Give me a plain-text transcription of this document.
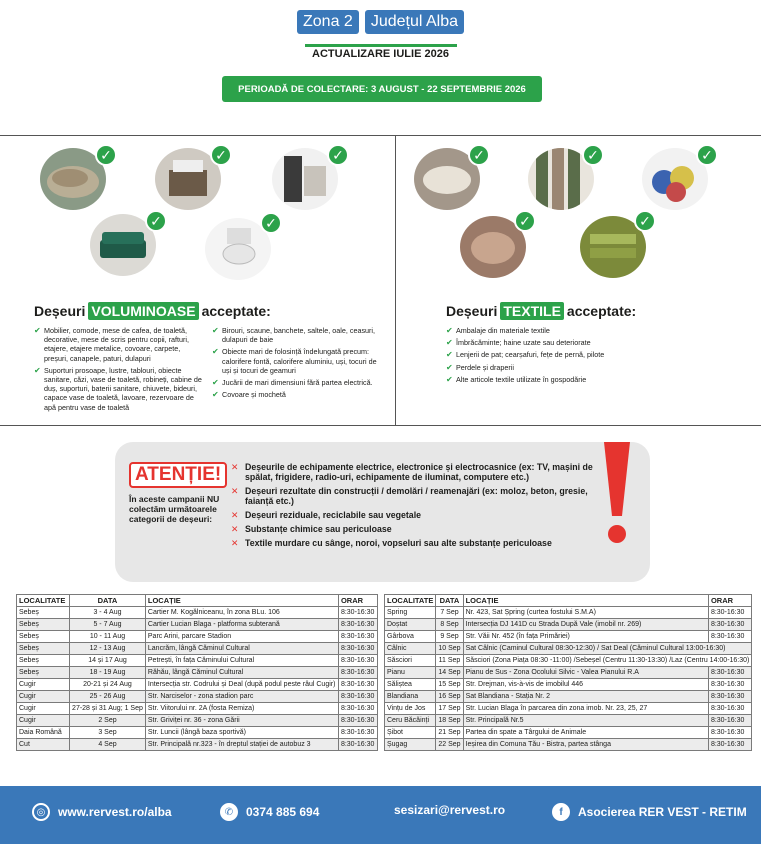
Zona 2	Județul Alba
ACTUALIZARE IULIE 2026
PERIOADĂ DE COLECTARE: 3 AUGUST - 22 SEPTEMBRIE 2026
✓	✓	✓
✓	✓
✓	✓	✓
✓	✓
Deșeuri VOLUMINOASE acceptate:
✔ Mobilier, comode, mese de cafea, de toaletă, decorative, mese de scris pentru copii, rafturi, etajere, etajere metalice, covoare, carpete, preșuri, canapele, paturi, dulapuri
✔ Suporturi prosoape, lustre, tablouri, obiecte sanitare, căzi, vase de toaletă, robineți, cabine de duș, suporturi, baterii sanitare, chiuvete, bideuri, capace vase de toaletă, lavoare, rezervoare de apă pentru vase de toaletă
✔ Birouri, scaune, banchete, saltele, oale, ceasuri, dulapuri de baie
✔ Obiecte mari de folosință îndelungată precum: calorifere fontă, calorifere aluminiu, uși, tocuri de uși și tocuri de geamuri
✔ Jucării de mari dimensiuni fără partea electrică.
✔ Covoare și mochetă
Deșeuri TEXTILE acceptate:
✔ Ambalaje din materiale textile
✔ Îmbrăcăminte; haine uzate sau deteriorate
✔ Lenjerii de pat; cearșafuri, fețe de pernă, pilote
✔ Perdele și draperii
✔ Alte articole textile utilizate în gospodărie
ATENȚIE!
În aceste campanii NU colectăm următoarele categorii de deșeuri:
✕ Deșeurile de echipamente electrice, electronice și electrocasnice (ex: TV, mașini de spălat, frigidere, radio-uri, echipamente de iluminat, computere etc.)
✕ Deșeuri rezultate din construcții / demolări / reamenajări (ex: moloz, beton, gresie, faianță etc.)
✕ Deșeuri reziduale, reciclabile sau vegetale
✕ Substanțe chimice sau periculoase
✕ Textile murdare cu sânge, noroi, vopseluri sau alte substanțe periculoase
LOCALITATE	DATA	LOCAȚIE	ORAR
Sebeș	3 - 4 Aug	Cartier M. Kogălniceanu, în zona BLu. 106	8:30-16:30
Sebeș	5 - 7 Aug	Cartier Lucian Blaga - platforma subterană	8:30-16:30
Sebeș	10 - 11 Aug	Parc Arini, parcare Stadion	8:30-16:30
Sebeș	12 - 13 Aug	Lancrăm, lângă Căminul Cultural	8:30-16:30
Sebeș	14 și 17 Aug	Petrești, în fața Căminului Cultural	8:30-16:30
Sebeș	18 - 19 Aug	Răhău, lângă Căminul Cultural	8:30-16:30
Cugir	20-21 și 24 Aug	Intersecția str. Codrului și Deal (după podul peste râul Cugir)	8:30-16:30
Cugir	25 - 26 Aug	Str. Narciselor - zona stadion parc	8:30-16:30
Cugir	27-28 și 31 Aug; 1 Sep	Str. Viitorului nr. 2A (fosta Remiza)	8:30-16:30
Cugir	2 Sep	Str. Griviței nr. 36 - zona Gării	8:30-16:30
Daia Română	3 Sep	Str. Luncii (lângă baza sportivă)	8:30-16:30
Cut	4 Sep	Str. Principală nr.323 - în dreptul stației de autobuz 3	8:30-16:30
LOCALITATE	DATA	LOCAȚIE	ORAR
Spring	7 Sep	Nr. 423, Sat Șpring (curtea fostului S.M.A)	8:30-16:30
Doștat	8 Sep	Intersecția DJ 141D cu Strada După Vale (imobil nr. 269)	8:30-16:30
Gârbova	9 Sep	Str. Văii Nr. 452 (în fața Primăriei)	8:30-16:30
Câlnic	10 Sep	Sat Câlnic (Caminul Cultural 08:30-12:30) / Sat Deal (Căminul Cultural 13:00-16:30)	
Săsciori	11 Sep	Săsciori (Zona Piața 08:30 -11:00) /Sebeșel (Centru 11:30-13:30) /Laz (Centru 14:00-16:30)	
Pianu	14 Sep	Pianu de Sus - Zona Ocolului Silvic - Valea Pianului R.A	8:30-16:30
Săliștea	15 Sep	Str. Drejman, vis-à-vis de imobilul 446	8:30-16:30
Blandiana	16 Sep	Sat Blandiana - Stația Nr. 2	8:30-16:30
Vințu de Jos	17 Sep	Str. Lucian Blaga în parcarea din zona imob. Nr. 23, 25, 27	8:30-16:30
Ceru Băcăinți	18 Sep	Str. Principală Nr.5	8:30-16:30
Șibot	21 Sep	Partea din spate a Târgului de Animale	8:30-16:30
Șugag	22 Sep	Ieșirea din Comuna Tău - Bistra, partea stânga	8:30-16:30
◎	www.rervest.ro/alba	✆	0374 885 694	sesizari@rervest.ro	f	Asocierea RER VEST - RETIM
